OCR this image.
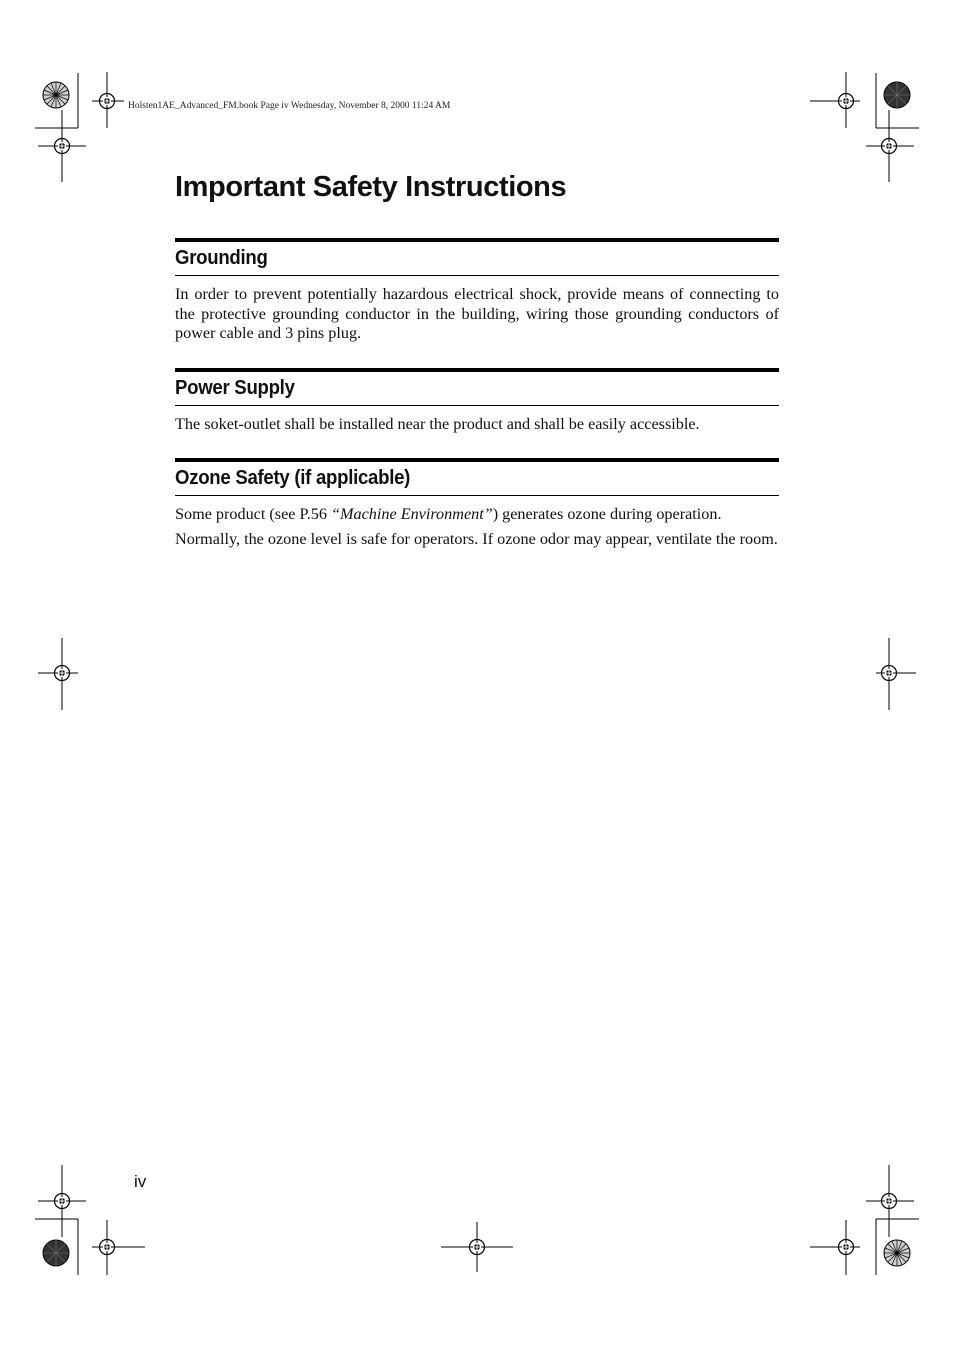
Holsten1AE_Advanced_FM.book Page iv Wednesday, November 8, 2000 11:24 AM
Important Safety Instructions
Grounding

In order to prevent potentially hazardous electrical shock, provide means of connecting to the protective grounding conductor in the building, wiring those grounding conductors of power cable and 3 pins plug.

Power Supply

The soket-outlet shall be installed near the product and shall be easily accessible.

Ozone Safety (if applicable)

Some product (see P.56 “Machine Environment”) generates ozone during operation.

Normally, the ozone level is safe for operators. If ozone odor may appear, ventilate the room.

iv
